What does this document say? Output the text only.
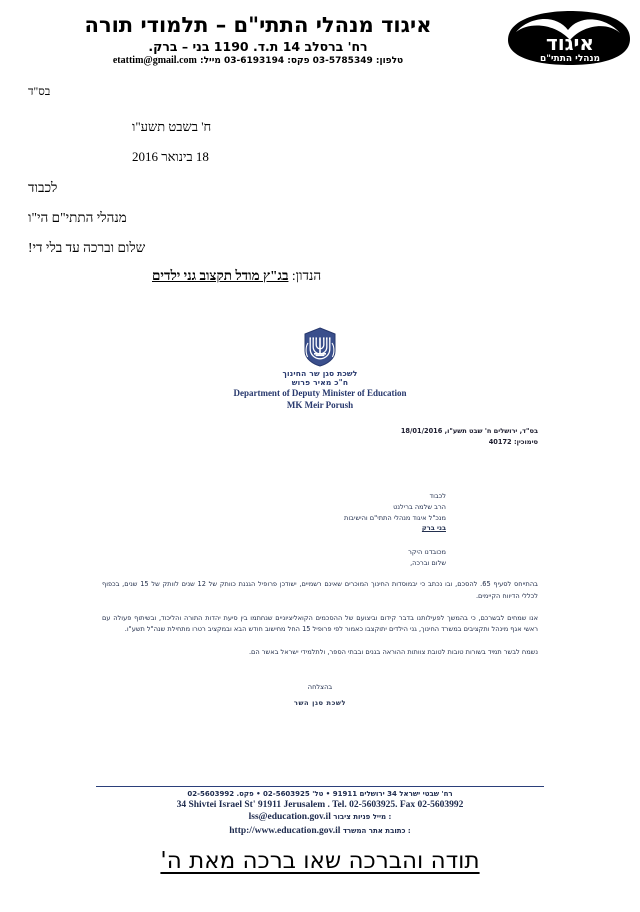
איגוד
מנהלי התתי"ם
איגוד מנהלי התתי"ם – תלמודי תורה
רח' ברסלב 14 ת.ד. 1190 בני – ברק.
טלפון: 03-5785349 פקס: 03-6193194 מייל: etattim@gmail.com
בס"ד

ח' בשבט תשע"ו

18 בינואר 2016

לכבוד

מנהלי התתי"ם הי"ו

שלום וברכה עד בלי די!

הנדון: בג"ץ מודל תקצוב גני ילדים
לשכת סגן שר החינוך
ח"כ מאיר פרוש
Department of Deputy Minister of Education
MK Meir Porush
בס"ד, ירושלים ח' שבט תשע"ו, 18/01/2016
סימוכין: 40172
לכבוד
הרב שלמה ברילנט
מנכ"ל איגוד מנהלי התתי"ם והישיבות
בני ברק
מכובדנו היקר
שלום וברכה,

בהתייחס לסעיף 65. להסכם, ובו נכתב כי יבמוסדות החינוך המוכרים שאינם רשמיים, ישודכן פרופיל הגננת כוותק של 12 שנים לוותק של 15 שנים, בכפוף לכללי הדיווח הקיימים.

אנו שמחים לבשרכם, כי בהמשך לפעילותנו בדבר קידום וביצועם של ההסכמים הקואליציוניים שנחתמו בין סיעת יהדות התורה והליכוד, ובשיתוף פעולה עם ראשי אגף מינהל ותקציבים במשרד החינוך, גני הילדים יתוקצבו כאמור לפי פרופיל 15 החל מחישוב חודש הבא ובמקציב רטרו מתחילת שנה"ל תשע"ו.

נשמח לבשר תמיד בשורות טובות לטובת צוותות ההוראה בגנים ובבתי הספר, ולתלמידי ישראל באשר הם.

בהצלחה
לשכת סגן השר
רח' שבטי ישראל 34 ירושלים 91911 • טל' 02-5603925 • פקס. 02-5603992
34 Shivtei Israel St' 91911 Jerusalem . Tel. 02-5603925. Fax 02-5603992
lss@education.gov.il מייל פניות ציבור :
http://www.education.gov.il כתובת אתר המשרד :
תודה והברכה שאו ברכה מאת ה'
